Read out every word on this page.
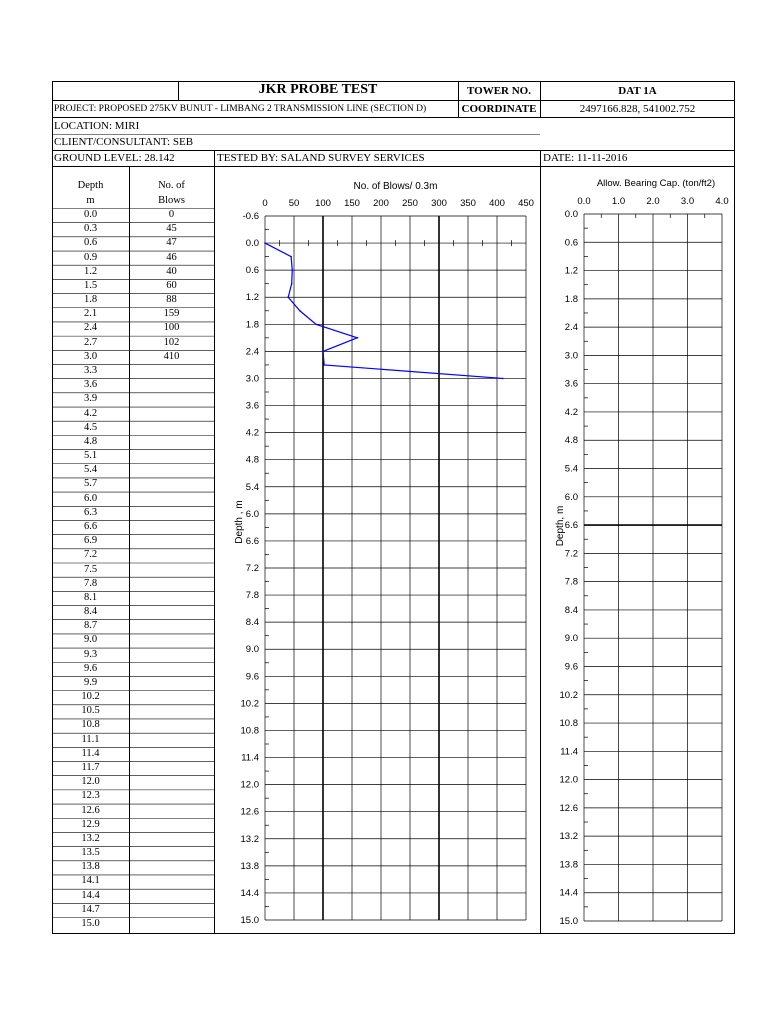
JKR PROBE TEST	TOWER NO.	DAT 1A
PROJECT: PROPOSED 275KV BUNUT - LIMBANG 2 TRANSMISSION LINE (SECTION D)	COORDINATE	2497166.828, 541002.752
LOCATION: MIRI
CLIENT/CONSULTANT: SEB
GROUND LEVEL: 28.142	TESTED BY: SALAND SURVEY SERVICES	DATE: 11-11-2016
Depth
m
No. of
Blows
0.0	0
0.3	45
0.6	47
0.9	46
1.2	40
1.5	60
1.8	88
2.1	159
2.4	100
2.7	102
3.0	410
3.3
3.6
3.9
4.2
4.5
4.8
5.1
5.4
5.7
6.0
6.3
6.6
6.9
7.2
7.5
7.8
8.1
8.4
8.7
9.0
9.3
9.6
9.9
10.2
10.5
10.8
11.1
11.4
11.7
12.0
12.3
12.6
12.9
13.2
13.5
13.8
14.1
14.4
14.7
15.0
No. of Blows/ 0.3m
0 50 100 150 200 250 300 350 400 450
-0.6
0.0
0.6
1.2
1.8
2.4
3.0
3.6
4.2
4.8
5.4
6.0
6.6
7.2
7.8
8.4
9.0
9.6
10.2
10.8
11.4
12.0
12.6
13.2
13.8
14.4
15.0
Depth , m
Allow. Bearing Cap. (ton/ft2)
0.0 1.0 2.0 3.0 4.0
0.0
0.6
1.2
1.8
2.4
3.0
3.6
4.2
4.8
5.4
6.0
6.6
7.2
7.8
8.4
9.0
9.6
10.2
10.8
11.4
12.0
12.6
13.2
13.8
14.4
15.0
Depth, m
